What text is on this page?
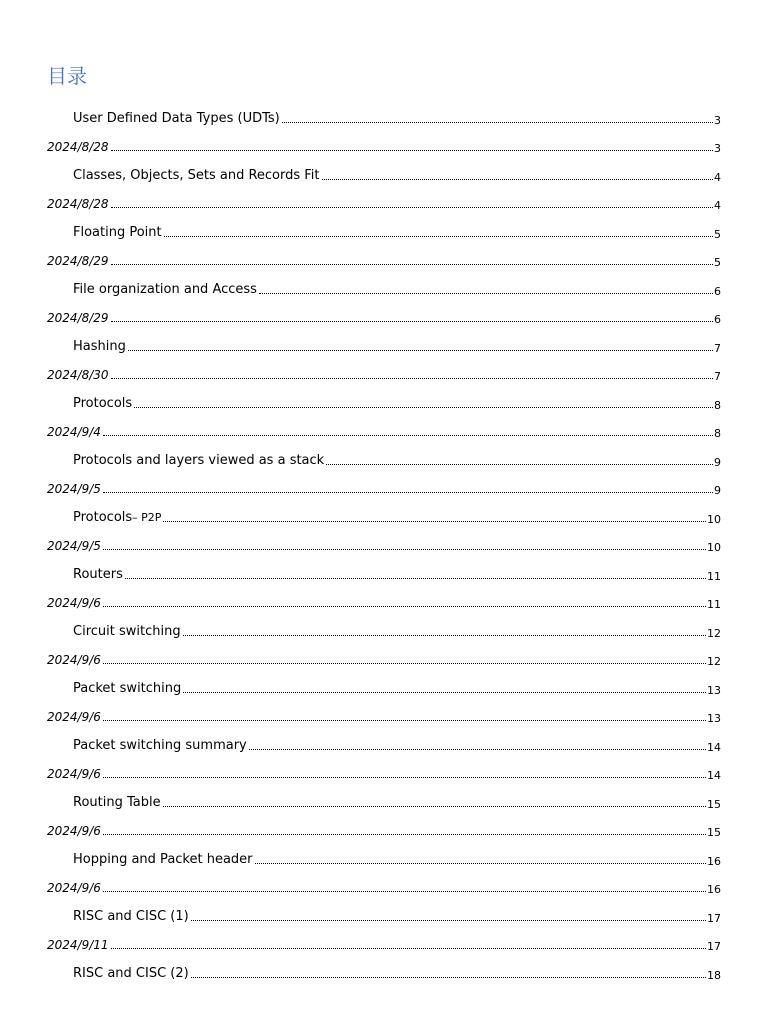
目录
User Defined Data Types (UDTs)	3
2024/8/28	3
Classes, Objects, Sets and Records Fit	4
2024/8/28	4
Floating Point	5
2024/8/29	5
File organization and Access	6
2024/8/29	6
Hashing	7
2024/8/30	7
Protocols	8
2024/9/4	8
Protocols and layers viewed as a stack	9
2024/9/5	9
Protocols – P2P	10
2024/9/5	10
Routers	11
2024/9/6	11
Circuit switching	12
2024/9/6	12
Packet switching	13
2024/9/6	13
Packet switching summary	14
2024/9/6	14
Routing Table	15
2024/9/6	15
Hopping and Packet header	16
2024/9/6	16
RISC and CISC (1)	17
2024/9/11	17
RISC and CISC (2)	18
